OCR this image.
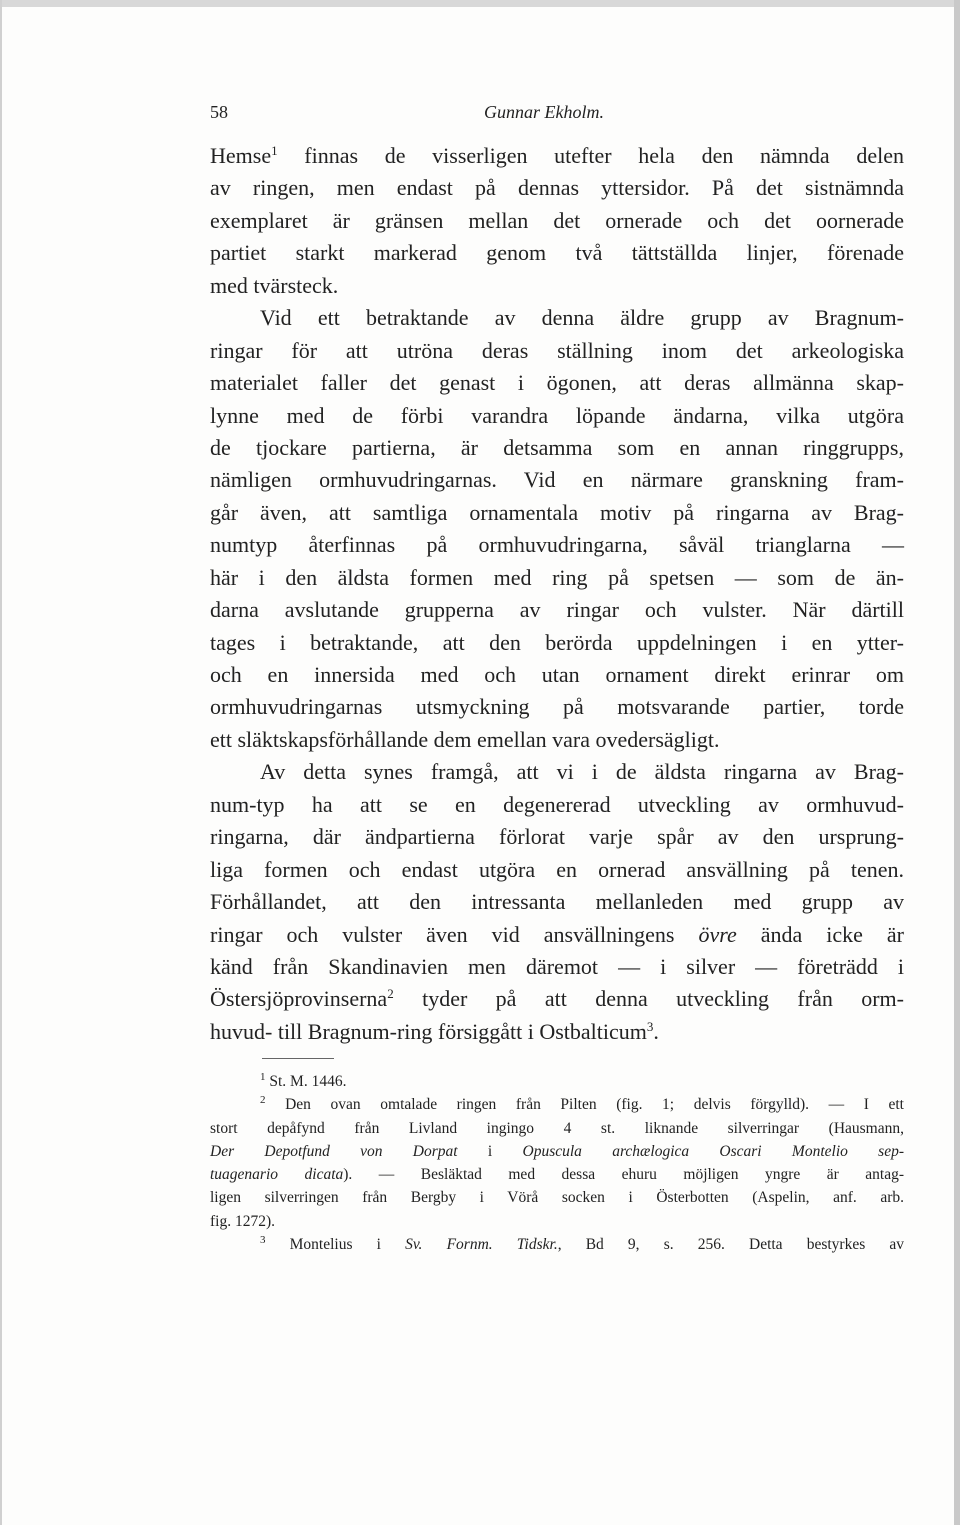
58	Gunnar Ekholm.
Hemse$^1$ finnas de visserligen utefter hela den nämnda delen
av ringen, men endast på dennas yttersidor. På det sistnämnda
exemplaret är gränsen mellan det ornerade och det oornerade
partiet starkt markerad genom två tättställda linjer, förenade
med tvärsteck.
Vid ett betraktande av denna äldre grupp av Bragnum-
ringar för att utröna deras ställning inom det arkeologiska
materialet faller det genast i ögonen, att deras allmänna skap-
lynne med de förbi varandra löpande ändarna, vilka utgöra
de tjockare partierna, är detsamma som en annan ringgrupps,
nämligen ormhuvudringarnas. Vid en närmare granskning fram-
går även, att samtliga ornamentala motiv på ringarna av Brag-
numtyp återfinnas på ormhuvudringarna, såväl trianglarna —
här i den äldsta formen med ring på spetsen — som de än-
darna avslutande grupperna av ringar och vulster. När därtill
tages i betraktande, att den berörda uppdelningen i en ytter-
och en innersida med och utan ornament direkt erinrar om
ormhuvudringarnas utsmyckning på motsvarande partier, torde
ett släktskapsförhållande dem emellan vara ovedersägligt.
Av detta synes framgå, att vi i de äldsta ringarna av Brag-
num-typ ha att se en degenererad utveckling av ormhuvud-
ringarna, där ändpartierna förlorat varje spår av den ursprung-
liga formen och endast utgöra en ornerad ansvällning på tenen.
Förhållandet, att den intressanta mellanleden med grupp av
ringar och vulster även vid ansvällningens övre ända icke är
känd från Skandinavien men däremot — i silver — företrädd i
Östersjöprovinserna$^2$ tyder på att denna utveckling från orm-
huvud- till Bragnum-ring försiggått i Ostbalticum$^3$.
$^1$ St. M. 1446.
$^2$ Den ovan omtalade ringen från Pilten (fig. 1; delvis förgylld). — I ett
stort depåfynd från Livland ingingo 4 st. liknande silverringar (Hausmann,
Der Depotfund von Dorpat i Opuscula archælogica Oscari Montelio sep-
tuagenario dicata). — Besläktad med dessa ehuru möjligen yngre är antag-
ligen silverringen från Bergby i Vörå socken i Österbotten (Aspelin, anf. arb.
fig. 1272).
$^3$ Montelius i Sv. Fornm. Tidskr., Bd 9, s. 256. Detta bestyrkes av
